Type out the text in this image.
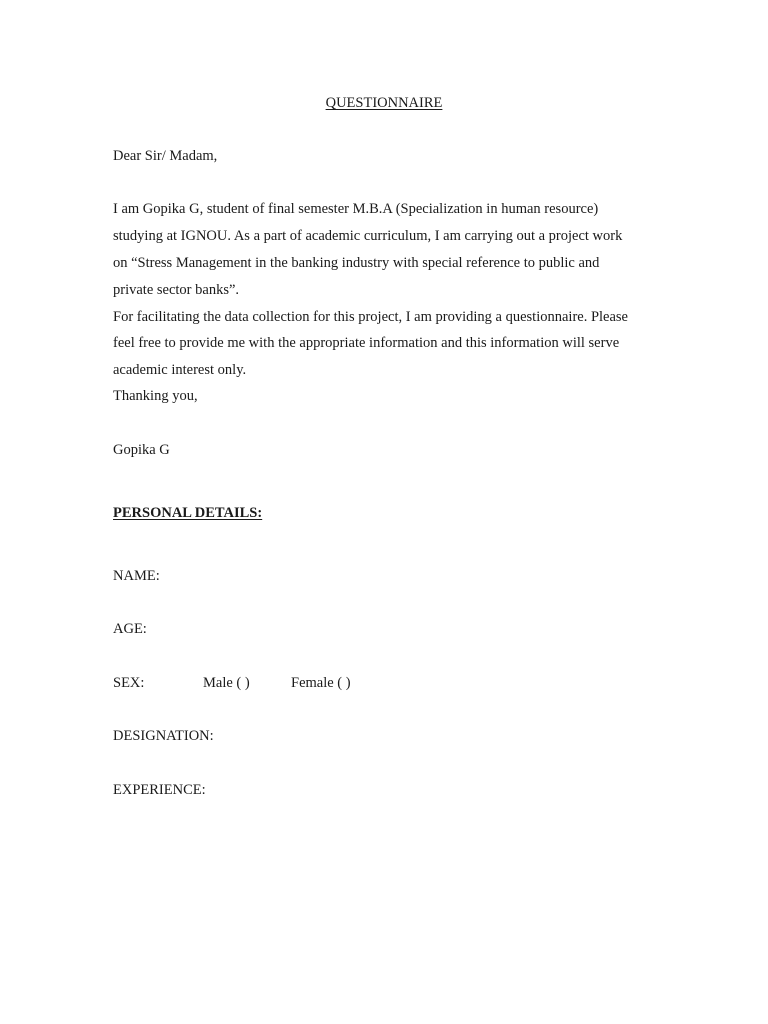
QUESTIONNAIRE
Dear Sir/ Madam,
I am Gopika G, student of final semester M.B.A (Specialization in human resource)
studying at IGNOU. As a part of academic curriculum, I am carrying out a project work
on “Stress Management in the banking industry with special reference to public and
private sector banks”.
For facilitating the data collection for this project, I am providing a questionnaire. Please
feel free to provide me with the appropriate information and this information will serve
academic interest only.
Thanking you,
Gopika G
PERSONAL DETAILS:
NAME:
AGE:
SEX:	Male ( )	Female ( )
DESIGNATION:
EXPERIENCE:
